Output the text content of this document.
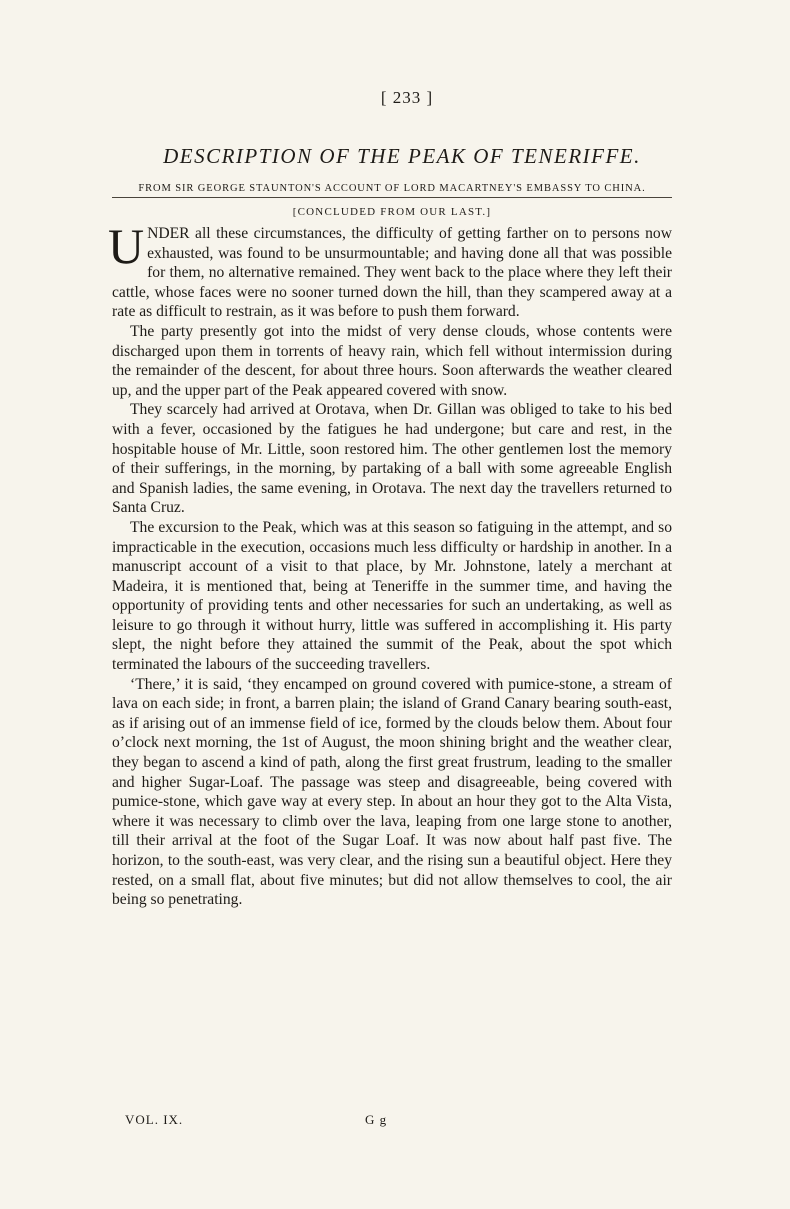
[ 233 ]
DESCRIPTION OF THE PEAK OF TENERIFFE.
FROM SIR GEORGE STAUNTON'S ACCOUNT OF LORD MACARTNEY'S EMBASSY TO CHINA.
[CONCLUDED FROM OUR LAST.]

UNDER all these circumstances, the difficulty of getting farther on to persons now exhausted, was found to be unsurmountable; and having done all that was possible for them, no alternative remained. They went back to the place where they left their cattle, whose faces were no sooner turned down the hill, than they scampered away at a rate as difficult to restrain, as it was before to push them forward.

The party presently got into the midst of very dense clouds, whose contents were discharged upon them in torrents of heavy rain, which fell without intermission during the remainder of the descent, for about three hours. Soon afterwards the weather cleared up, and the upper part of the Peak appeared covered with snow.

They scarcely had arrived at Orotava, when Dr. Gillan was obliged to take to his bed with a fever, occasioned by the fatigues he had undergone; but care and rest, in the hospitable house of Mr. Little, soon restored him. The other gentlemen lost the memory of their sufferings, in the morning, by partaking of a ball with some agreeable English and Spanish ladies, the same evening, in Orotava. The next day the travellers returned to Santa Cruz.

The excursion to the Peak, which was at this season so fatiguing in the attempt, and so impracticable in the execution, occasions much less difficulty or hardship in another. In a manuscript account of a visit to that place, by Mr. Johnstone, lately a merchant at Madeira, it is mentioned that, being at Teneriffe in the summer time, and having the opportunity of providing tents and other necessaries for such an undertaking, as well as leisure to go through it without hurry, little was suffered in accomplishing it. His party slept, the night before they attained the summit of the Peak, about the spot which terminated the labours of the succeeding travellers.

‘There,’ it is said, ‘they encamped on ground covered with pumice-stone, a stream of lava on each side; in front, a barren plain; the island of Grand Canary bearing south-east, as if arising out of an immense field of ice, formed by the clouds below them. About four o’clock next morning, the 1st of August, the moon shining bright and the weather clear, they began to ascend a kind of path, along the first great frustrum, leading to the smaller and higher Sugar-Loaf. The passage was steep and disagreeable, being covered with pumice-stone, which gave way at every step. In about an hour they got to the Alta Vista, where it was necessary to climb over the lava, leaping from one large stone to another, till their arrival at the foot of the Sugar Loaf. It was now about half past five. The horizon, to the south-east, was very clear, and the rising sun a beautiful object. Here they rested, on a small flat, about five minutes; but did not allow themselves to cool, the air being so penetrating.

VOL. IX.	G g
